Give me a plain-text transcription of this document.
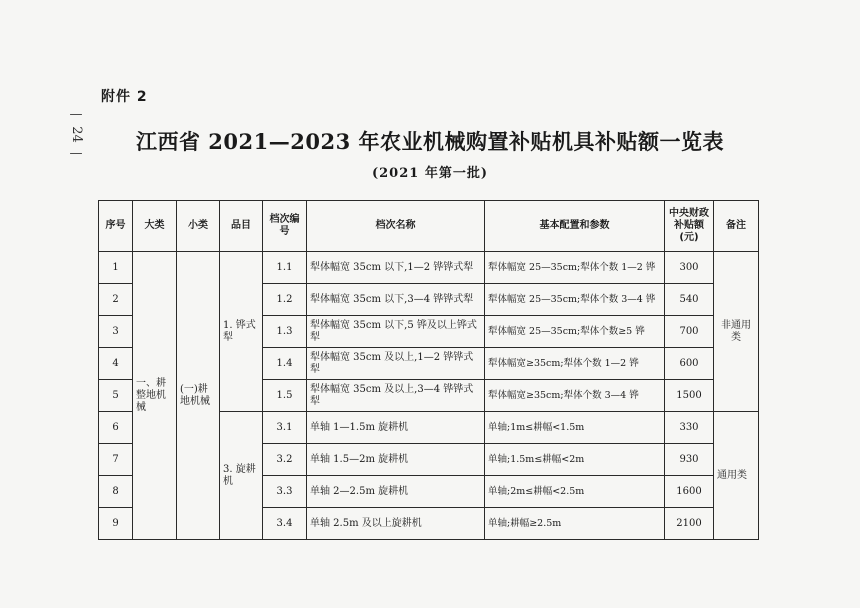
附件 2
—
24
—	江西省 2021—2023 年农业机械购置补贴机具补贴额一览表
(2021 年第一批)
序号	大类	小类	品目	档次编号	档次名称	基本配置和参数	中央财政补贴额(元)	备注
1	一、耕整地机械	(一)耕地机械	1. 铧式犁	1.1	犁体幅宽 35cm 以下,1—2 铧铧式犁	犁体幅宽 25—35cm;犁体个数 1—2 铧	300	非通用类
2				1.2	犁体幅宽 35cm 以下,3—4 铧铧式犁	犁体幅宽 25—35cm;犁体个数 3—4 铧	540	
3				1.3	犁体幅宽 35cm 以下,5 铧及以上铧式犁	犁体幅宽 25—35cm;犁体个数≥5 铧	700	
4				1.4	犁体幅宽 35cm 及以上,1—2 铧铧式犁	犁体幅宽≥35cm;犁体个数 1—2 铧	600	
5				1.5	犁体幅宽 35cm 及以上,3—4 铧铧式犁	犁体幅宽≥35cm;犁体个数 3—4 铧	1500	
6			3. 旋耕机	3.1	单轴 1—1.5m 旋耕机	单轴;1m≤耕幅<1.5m	330	通用类
7				3.2	单轴 1.5—2m 旋耕机	单轴;1.5m≤耕幅<2m	930	
8				3.3	单轴 2—2.5m 旋耕机	单轴;2m≤耕幅<2.5m	1600	
9				3.4	单轴 2.5m 及以上旋耕机	单轴;耕幅≥2.5m	2100	
